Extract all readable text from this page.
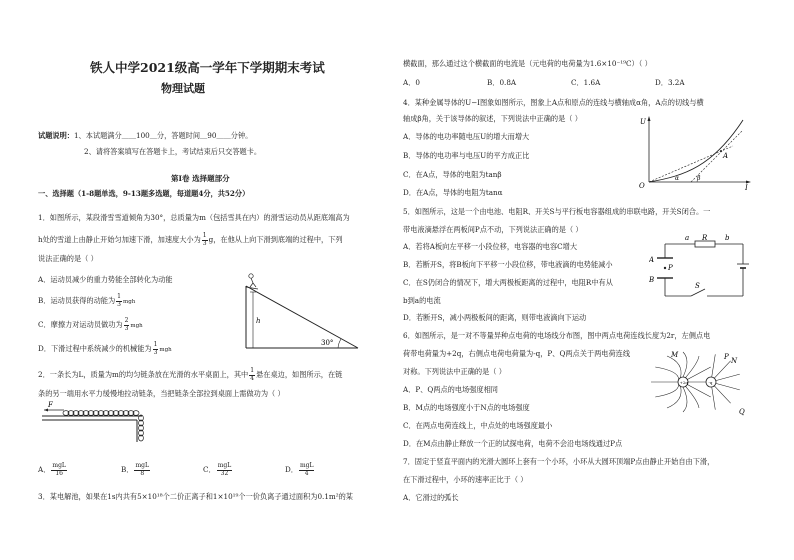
铁人中学2021级高一学年下学期期末考试
物理试题
试题说明：1、本试题满分＿＿100＿分，答题时间＿90＿＿分钟。
2、请将答案填写在答题卡上，考试结束后只交答题卡。
第Ⅰ卷 选择题部分
一、选择题（1-8题单选，9-13题多选题，每道题4分，共52分）
1．如图所示，某段滑雪雪道倾角为30°，总质量为m（包括雪具在内）的滑雪运动员从距底端高为
h处的雪道上由静止开始匀加速下滑，加速度大小为 $\frac{1}{3}$ g，在他从上向下滑到底端的过程中，下列
说法正确的是（ ）
A．运动员减少的重力势能全部转化为动能
B．运动员获得的动能为 $\frac{1}{3}$ mgh
C．摩擦力对运动员做功为 $\frac{2}{3}$ mgh
D．下滑过程中系统减少的机械能为 $\frac{1}{3}$ mgh
h
30°
2．一条长为L，质量为m的均匀链条放在光滑的水平桌面上，其中 $\frac{1}{4}$ 悬在桌边，如图所示，在链
条的另一端用水平力缓慢地拉动链条，当把链条全部拉到桌面上需做功为（ ）
F
A． $\frac{\text{mgL}}{16}$	B． $\frac{\text{mgL}}{8}$	C． $\frac{\text{mgL}}{32}$	D． $\frac{\text{mgL}}{4}$
3．某电解池，如果在1s内共有5×10¹⁸个二价正离子和1×10¹⁹个一价负离子通过面积为0.1m²的某
横截面，那么通过这个横截面的电流是（元电荷的电荷量为1.6×10⁻¹⁹C）（ ）
A．0	B．0.8A	C．1.6A	D．3.2A
4．某种金属导体的U−I图象如图所示，图象上A点和原点的连线与横轴成α角，A点的切线与横
轴成β角，关于该导体的叙述，下列说法中正确的是（ ）
A．导体的电功率随电压U的增大而增大
B．导体的电功率与电压U的平方成正比
C．在A点，导体的电阻为tanβ
D．在A点，导体的电阻为tanα
U
I
O
A
α	β
5．如图所示，这是一个由电池、电阻R、开关S与平行板电容器组成的串联电路，开关S闭合。一
带电液滴悬浮在两板间P点不动，下列说法正确的是（ ）
A．若将A板向左平移一小段位移，电容器的电容C增大
B．若断开S，将B板向下平移一小段位移，带电液滴的电势能减小
C．在S仍闭合的情况下，增大两极板距离的过程中，电阻R中有从
b到a的电流
D．若断开S，减小两极板间的距离，则带电液滴向下运动
a R	b
A
B
P
S
6．如图所示，是一对不等量异种点电荷的电场线分布图，图中两点电荷连线长度为2r，左侧点电
荷带电荷量为+2q，右侧点电荷电荷量为-q，P、Q两点关于两电荷连线
对称。下列说法中正确的是（ ）
A．P、Q两点的电场强度相同
B．M点的电场强度小于N点的电场强度
C．在两点电荷连线上，中点处的电场强度最小
D．在M点由静止释放一个正的试探电荷，电荷不会沿电场线通过P点
+2q	-q
M
N
P
Q
7．固定于竖直平面内的光滑大圆环上套有一个小环，小环从大圆环顶端P点由静止开始自由下滑，
在下滑过程中，小环的速率正比于（ ）
A．它滑过的弧长
